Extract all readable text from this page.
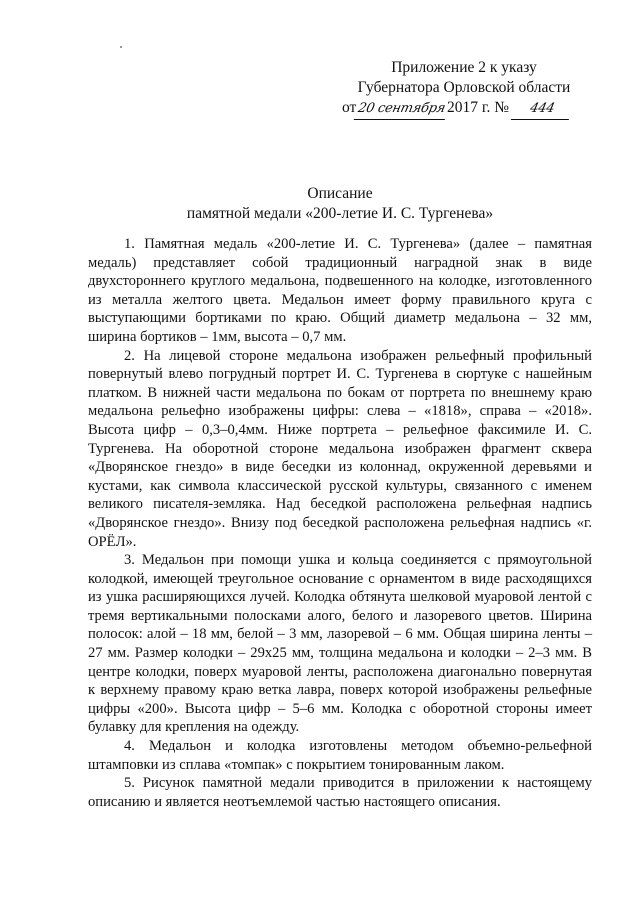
Приложение 2 к указу
Губернатора Орловской области
от20 сентября2017 г. № 444
Описание
памятной медали «200-летие И. С. Тургенева»

1. Памятная медаль «200-летие И. С. Тургенева» (далее – памятная медаль) представляет собой традиционный наградной знак в виде двухстороннего круглого медальона, подвешенного на колодке, изготовленного из металла желтого цвета. Медальон имеет форму правильного круга с выступающими бортиками по краю. Общий диаметр медальона – 32 мм, ширина бортиков – 1мм, высота – 0,7 мм.

2. На лицевой стороне медальона изображен рельефный профильный повернутый влево погрудный портрет И. С. Тургенева в сюртуке с нашейным платком. В нижней части медальона по бокам от портрета по внешнему краю медальона рельефно изображены цифры: слева – «1818», справа – «2018». Высота цифр – 0,3–0,4мм. Ниже портрета – рельефное факсимиле И. С. Тургенева. На оборотной стороне медальона изображен фрагмент сквера «Дворянское гнездо» в виде беседки из колоннад, окруженной деревьями и кустами, как символа классической русской культуры, связанного с именем великого писателя-земляка. Над беседкой расположена рельефная надпись «Дворянское гнездо». Внизу под беседкой расположена рельефная надпись «г. ОРЁЛ».

3. Медальон при помощи ушка и кольца соединяется с прямоугольной колодкой, имеющей треугольное основание с орнаментом в виде расходящихся из ушка расширяющихся лучей. Колодка обтянута шелковой муаровой лентой с тремя вертикальными полосками алого, белого и лазоревого цветов. Ширина полосок: алой – 18 мм, белой – 3 мм, лазоревой – 6 мм. Общая ширина ленты – 27 мм. Размер колодки – 29х25 мм, толщина медальона и колодки – 2–3 мм. В центре колодки, поверх муаровой ленты, расположена диагонально повернутая к верхнему правому краю ветка лавра, поверх которой изображены рельефные цифры «200». Высота цифр – 5–6 мм. Колодка с оборотной стороны имеет булавку для крепления на одежду.

4. Медальон и колодка изготовлены методом объемно-рельефной штамповки из сплава «томпак» с покрытием тонированным лаком.

5. Рисунок памятной медали приводится в приложении к настоящему описанию и является неотъемлемой частью настоящего описания.
